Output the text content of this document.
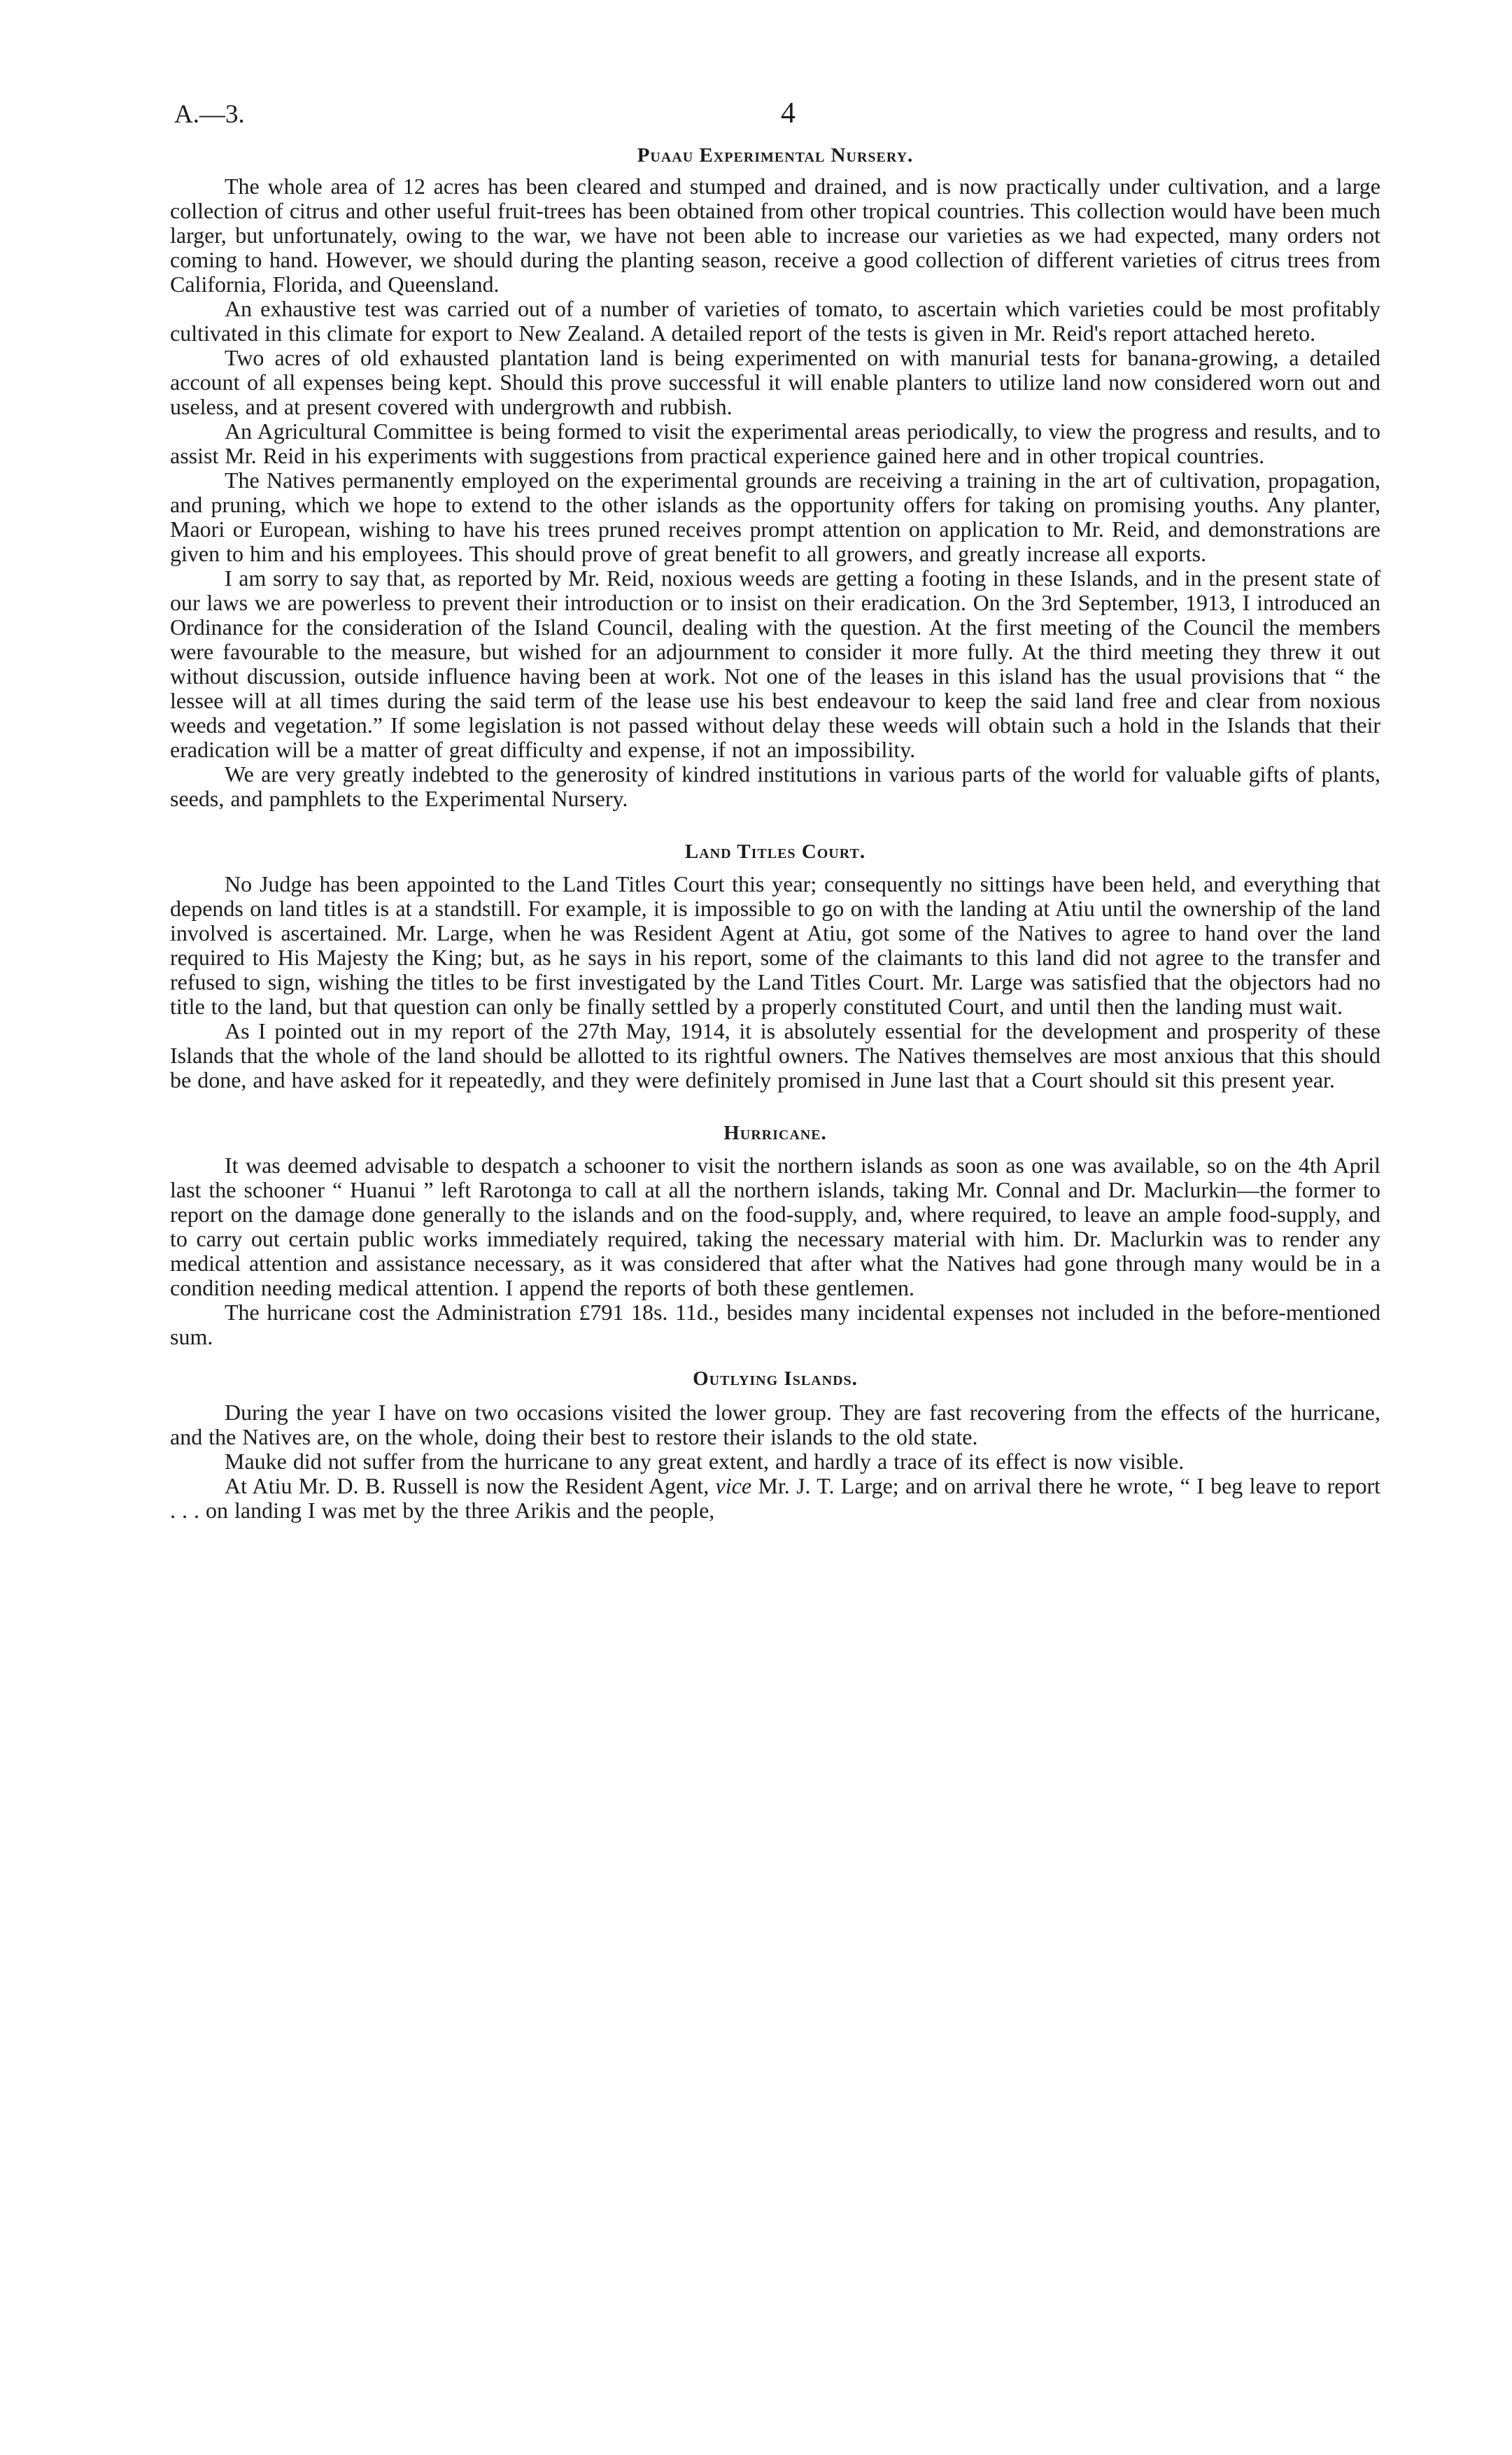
A.—3.	4
Puaau Experimental Nursery.

The whole area of 12 acres has been cleared and stumped and drained, and is now practically under cultivation, and a large collection of citrus and other useful fruit-trees has been obtained from other tropical countries. This collection would have been much larger, but unfortunately, owing to the war, we have not been able to increase our varieties as we had expected, many orders not coming to hand. However, we should during the planting season, receive a good collection of different varieties of citrus trees from California, Florida, and Queensland.

An exhaustive test was carried out of a number of varieties of tomato, to ascertain which varieties could be most profitably cultivated in this climate for export to New Zealand. A detailed report of the tests is given in Mr. Reid's report attached hereto.

Two acres of old exhausted plantation land is being experimented on with manurial tests for banana-growing, a detailed account of all expenses being kept. Should this prove successful it will enable planters to utilize land now considered worn out and useless, and at present covered with undergrowth and rubbish.

An Agricultural Committee is being formed to visit the experimental areas periodically, to view the progress and results, and to assist Mr. Reid in his experiments with suggestions from practical experience gained here and in other tropical countries.

The Natives permanently employed on the experimental grounds are receiving a training in the art of cultivation, propagation, and pruning, which we hope to extend to the other islands as the opportunity offers for taking on promising youths. Any planter, Maori or European, wishing to have his trees pruned receives prompt attention on application to Mr. Reid, and demonstrations are given to him and his employees. This should prove of great benefit to all growers, and greatly increase all exports.

I am sorry to say that, as reported by Mr. Reid, noxious weeds are getting a footing in these Islands, and in the present state of our laws we are powerless to prevent their introduction or to insist on their eradication. On the 3rd September, 1913, I introduced an Ordinance for the consideration of the Island Council, dealing with the question. At the first meeting of the Council the members were favourable to the measure, but wished for an adjournment to consider it more fully. At the third meeting they threw it out without discussion, outside influence having been at work. Not one of the leases in this island has the usual provisions that “ the lessee will at all times during the said term of the lease use his best endeavour to keep the said land free and clear from noxious weeds and vegetation.” If some legislation is not passed without delay these weeds will obtain such a hold in the Islands that their eradication will be a matter of great difficulty and expense, if not an impossibility.

We are very greatly indebted to the generosity of kindred institutions in various parts of the world for valuable gifts of plants, seeds, and pamphlets to the Experimental Nursery.

Land Titles Court.

No Judge has been appointed to the Land Titles Court this year; consequently no sittings have been held, and everything that depends on land titles is at a standstill. For example, it is impossible to go on with the landing at Atiu until the ownership of the land involved is ascertained. Mr. Large, when he was Resident Agent at Atiu, got some of the Natives to agree to hand over the land required to His Majesty the King; but, as he says in his report, some of the claimants to this land did not agree to the transfer and refused to sign, wishing the titles to be first investigated by the Land Titles Court. Mr. Large was satisfied that the objectors had no title to the land, but that question can only be finally settled by a properly constituted Court, and until then the landing must wait.

As I pointed out in my report of the 27th May, 1914, it is absolutely essential for the development and prosperity of these Islands that the whole of the land should be allotted to its rightful owners. The Natives themselves are most anxious that this should be done, and have asked for it repeatedly, and they were definitely promised in June last that a Court should sit this present year.

Hurricane.

It was deemed advisable to despatch a schooner to visit the northern islands as soon as one was available, so on the 4th April last the schooner “ Huanui ” left Rarotonga to call at all the northern islands, taking Mr. Connal and Dr. Maclurkin—the former to report on the damage done generally to the islands and on the food-supply, and, where required, to leave an ample food-supply, and to carry out certain public works immediately required, taking the necessary material with him. Dr. Maclurkin was to render any medical attention and assistance necessary, as it was considered that after what the Natives had gone through many would be in a condition needing medical attention. I append the reports of both these gentlemen.

The hurricane cost the Administration £791 18s. 11d., besides many incidental expenses not included in the before-mentioned sum.

Outlying Islands.

During the year I have on two occasions visited the lower group. They are fast recovering from the effects of the hurricane, and the Natives are, on the whole, doing their best to restore their islands to the old state.

Mauke did not suffer from the hurricane to any great extent, and hardly a trace of its effect is now visible.

At Atiu Mr. D. B. Russell is now the Resident Agent, vice Mr. J. T. Large; and on arrival there he wrote, “ I beg leave to report . . . on landing I was met by the three Arikis and the people,
